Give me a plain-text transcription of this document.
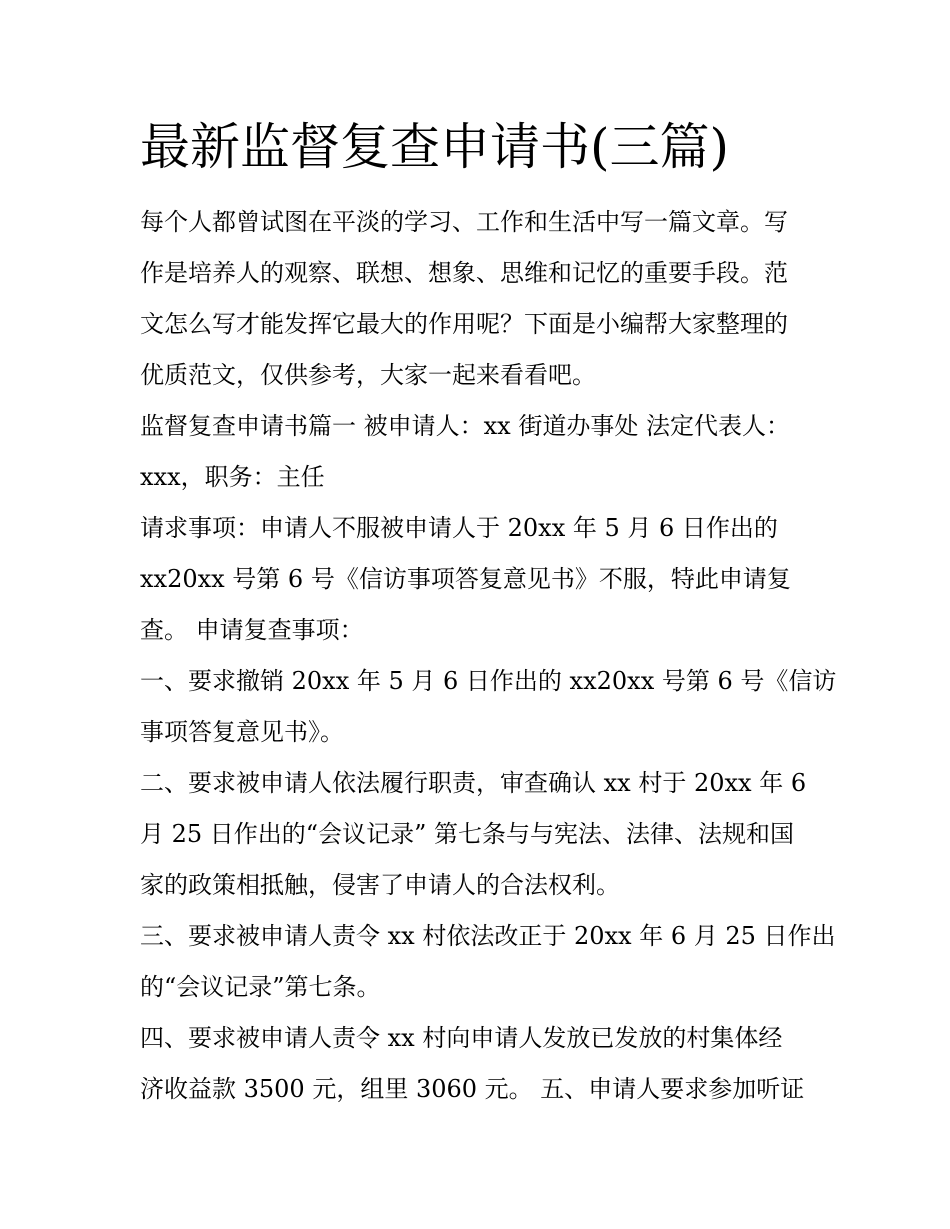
最新监督复查申请书(三篇)
每个人都曾试图在平淡的学习、工作和生活中写一篇文章。写
作是培养人的观察、联想、想象、思维和记忆的重要手段。范
文怎么写才能发挥它最大的作用呢？下面是小编帮大家整理的
优质范文，仅供参考，大家一起来看看吧。
监督复查申请书篇一 被申请人：xx 街道办事处 法定代表人：
xxx，职务：主任
请求事项：申请人不服被申请人于 20xx 年 5 月 6 日作出的
xx20xx 号第 6 号《信访事项答复意见书》不服，特此申请复
查。 申请复查事项：
一、要求撤销 20xx 年 5 月 6 日作出的 xx20xx 号第 6 号《信访
事项答复意见书》。
二、要求被申请人依法履行职责，审查确认 xx 村于 20xx 年 6
月 25 日作出的“会议记录” 第七条与与宪法、法律、法规和国
家的政策相抵触，侵害了申请人的合法权利。
三、要求被申请人责令 xx 村依法改正于 20xx 年 6 月 25 日作出
的“会议记录”第七条。
四、要求被申请人责令 xx 村向申请人发放已发放的村集体经
济收益款 3500 元，组里 3060 元。 五、申请人要求参加听证
